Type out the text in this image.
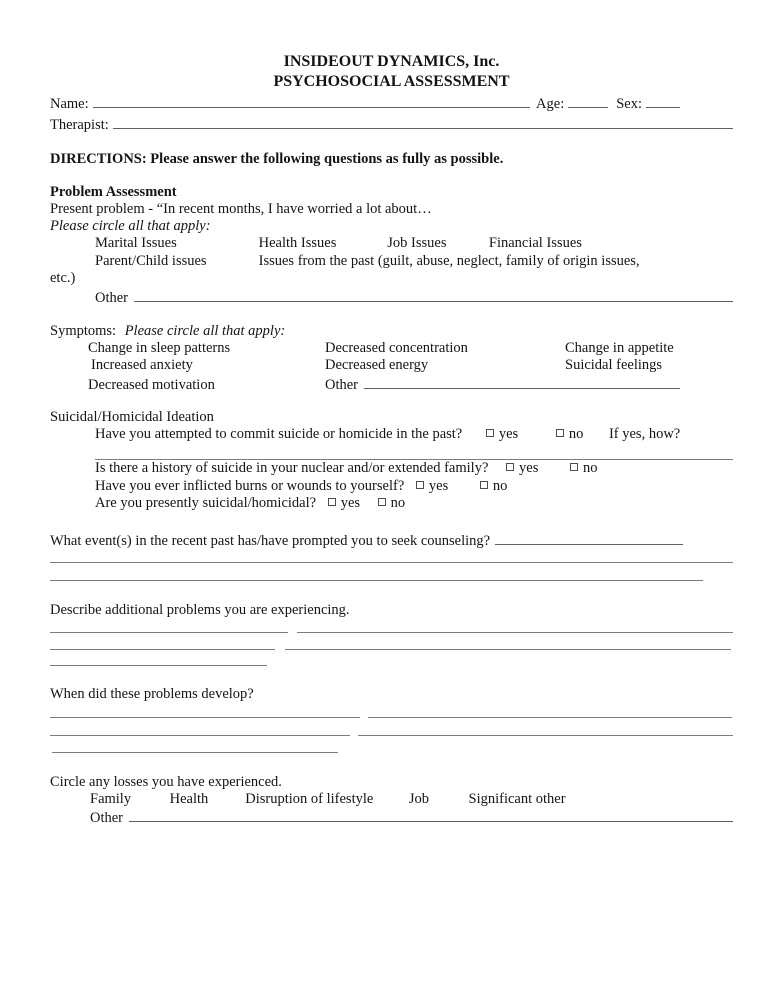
INSIDEOUT DYNAMICS, Inc.
PSYCHOSOCIAL ASSESSMENT
Name:	Age:	Sex:
Therapist:
DIRECTIONS: Please answer the following questions as fully as possible.
Problem Assessment
Present problem - “In recent months, I have worried a lot about…
Please circle all that apply:
Marital Issues	Health Issues	Job Issues	Financial Issues
Parent/Child issues	Issues from the past (guilt, abuse, neglect, family of origin issues,
etc.)
Other
Symptoms: Please circle all that apply:
Change in sleep patterns	Decreased concentration	Change in appetite
Increased anxiety	Decreased energy	Suicidal feelings
Decreased motivation	Other
Suicidal/Homicidal Ideation
Have you attempted to commit suicide or homicide in the past?	yes	no If yes, how?
Is there a history of suicide in your nuclear and/or extended family? yes	no
Have you ever inflicted burns or wounds to yourself? yes	no
Are you presently suicidal/homicidal? yes no
What event(s) in the recent past has/have prompted you to seek counseling?
Describe additional problems you are experiencing.
When did these problems develop?
Circle any losses you have experienced.
Family	Health	Disruption of lifestyle Job	Significant other
Other
